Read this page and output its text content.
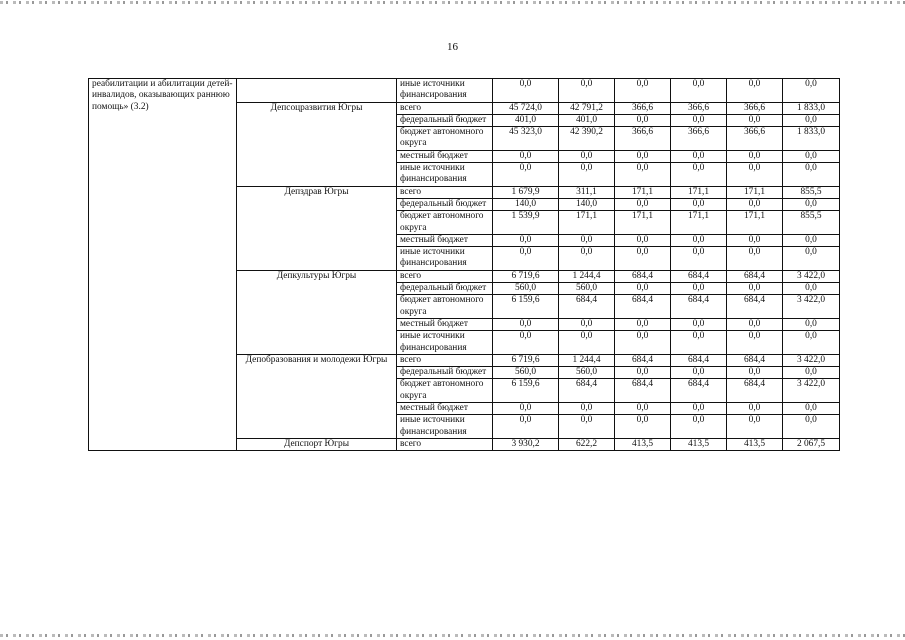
16
реабилитации и абилитации детей-инвалидов, оказывающих раннюю помощь» (3.2)		иные источники финансирования	0,0	0,0	0,0	0,0	0,0	0,0
	Депсоцразвития Югры	всего	45 724,0	42 791,2	366,6	366,6	366,6	1 833,0
		федеральный бюджет	401,0	401,0	0,0	0,0	0,0	0,0
		бюджет автономного округа	45 323,0	42 390,2	366,6	366,6	366,6	1 833,0
		местный бюджет	0,0	0,0	0,0	0,0	0,0	0,0
		иные источники финансирования	0,0	0,0	0,0	0,0	0,0	0,0
	Депздрав Югры	всего	1 679,9	311,1	171,1	171,1	171,1	855,5
		федеральный бюджет	140,0	140,0	0,0	0,0	0,0	0,0
		бюджет автономного округа	1 539,9	171,1	171,1	171,1	171,1	855,5
		местный бюджет	0,0	0,0	0,0	0,0	0,0	0,0
		иные источники финансирования	0,0	0,0	0,0	0,0	0,0	0,0
	Депкультуры Югры	всего	6 719,6	1 244,4	684,4	684,4	684,4	3 422,0
		федеральный бюджет	560,0	560,0	0,0	0,0	0,0	0,0
		бюджет автономного округа	6 159,6	684,4	684,4	684,4	684,4	3 422,0
		местный бюджет	0,0	0,0	0,0	0,0	0,0	0,0
		иные источники финансирования	0,0	0,0	0,0	0,0	0,0	0,0
	Депобразования и молодежи Югры	всего	6 719,6	1 244,4	684,4	684,4	684,4	3 422,0
		федеральный бюджет	560,0	560,0	0,0	0,0	0,0	0,0
		бюджет автономного округа	6 159,6	684,4	684,4	684,4	684,4	3 422,0
		местный бюджет	0,0	0,0	0,0	0,0	0,0	0,0
		иные источники финансирования	0,0	0,0	0,0	0,0	0,0	0,0
	Депспорт Югры	всего	3 930,2	622,2	413,5	413,5	413,5	2 067,5
